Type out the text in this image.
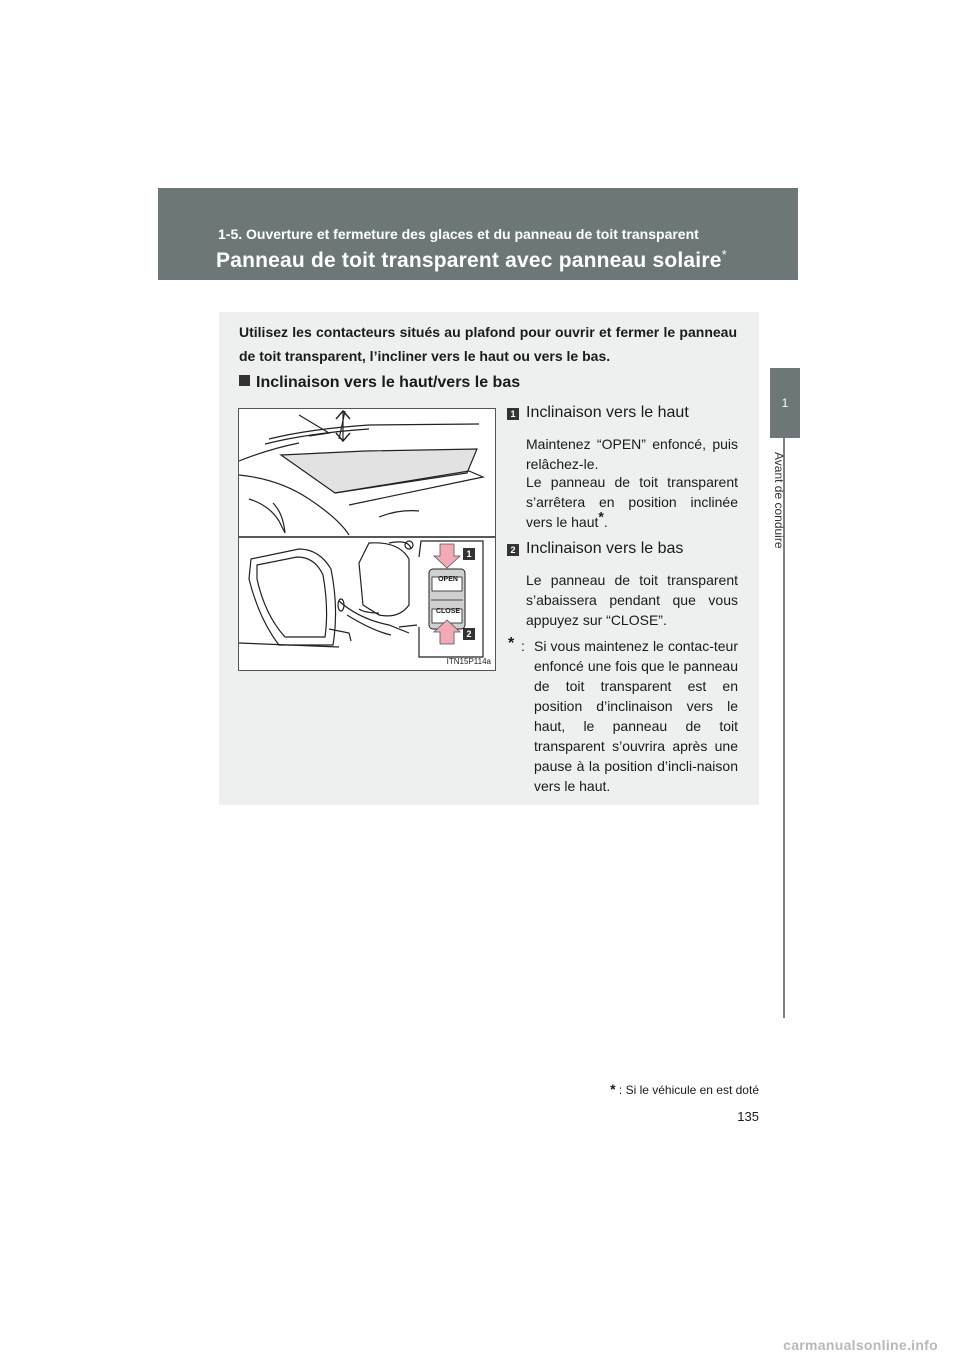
1-5. Ouverture et fermeture des glaces et du panneau de toit transparent
Panneau de toit transparent avec panneau solaire*
1
Avant de conduire
Utilisez les contacteurs situés au plafond pour ouvrir et fermer le panneau de toit transparent, l’incliner vers le haut ou vers le bas.
Inclinaison vers le haut/vers le bas
OPEN
CLOSE
1
2
ITN15P114a
1 Inclinaison vers le haut
Maintenez “OPEN” enfoncé, puis relâchez-le.
Le panneau de toit transparent s’arrêtera en position inclinée vers le haut*.
2 Inclinaison vers le bas
Le panneau de toit transparent s’abaissera pendant que vous appuyez sur “CLOSE”.
* : Si vous maintenez le contac-teur enfoncé une fois que le panneau de toit transparent est en position d’inclinaison vers le haut, le panneau de toit transparent s’ouvrira après une pause à la position d’incli-naison vers le haut.
* : Si le véhicule en est doté
135
carmanualsonline.info
